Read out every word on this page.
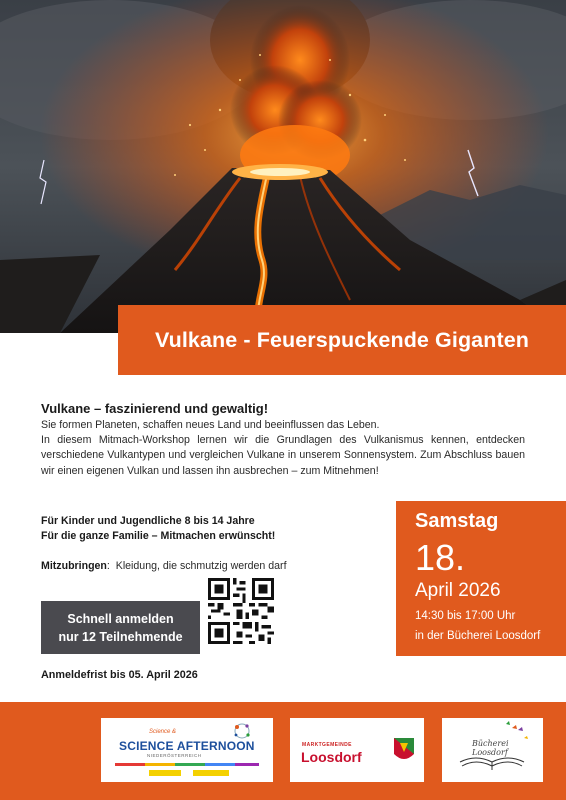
Vulkane - Feuerspuckende Giganten
Vulkane – faszinierend und gewaltig!

Sie formen Planeten, schaffen neues Land und beeinflussen das Leben.

In diesem Mitmach-Workshop lernen wir die Grundlagen des Vulkanismus kennen, entdecken verschiedene Vulkantypen und vergleichen Vulkane in unserem Sonnensystem. Zum Abschluss bauen wir einen eigenen Vulkan und lassen ihn ausbrechen – zum Mitnehmen!

Für Kinder und Jugendliche 8 bis 14 Jahre
Für die ganze Familie – Mitmachen erwünscht!
Mitzubringen:  Kleidung, die schmutzig werden darf
Schnell anmelden
nur 12 Teilnehmende
Anmeldefrist bis 05. April 2026
Samstag
18.
April 2026
14:30 bis 17:00 Uhr
in der Bücherei Loosdorf
Science &
SCIENCE AFTERNOON
NIEDERÖSTERREICH
MARKTGEMEINDE
Loosdorf
Bücherei Loosdorf
